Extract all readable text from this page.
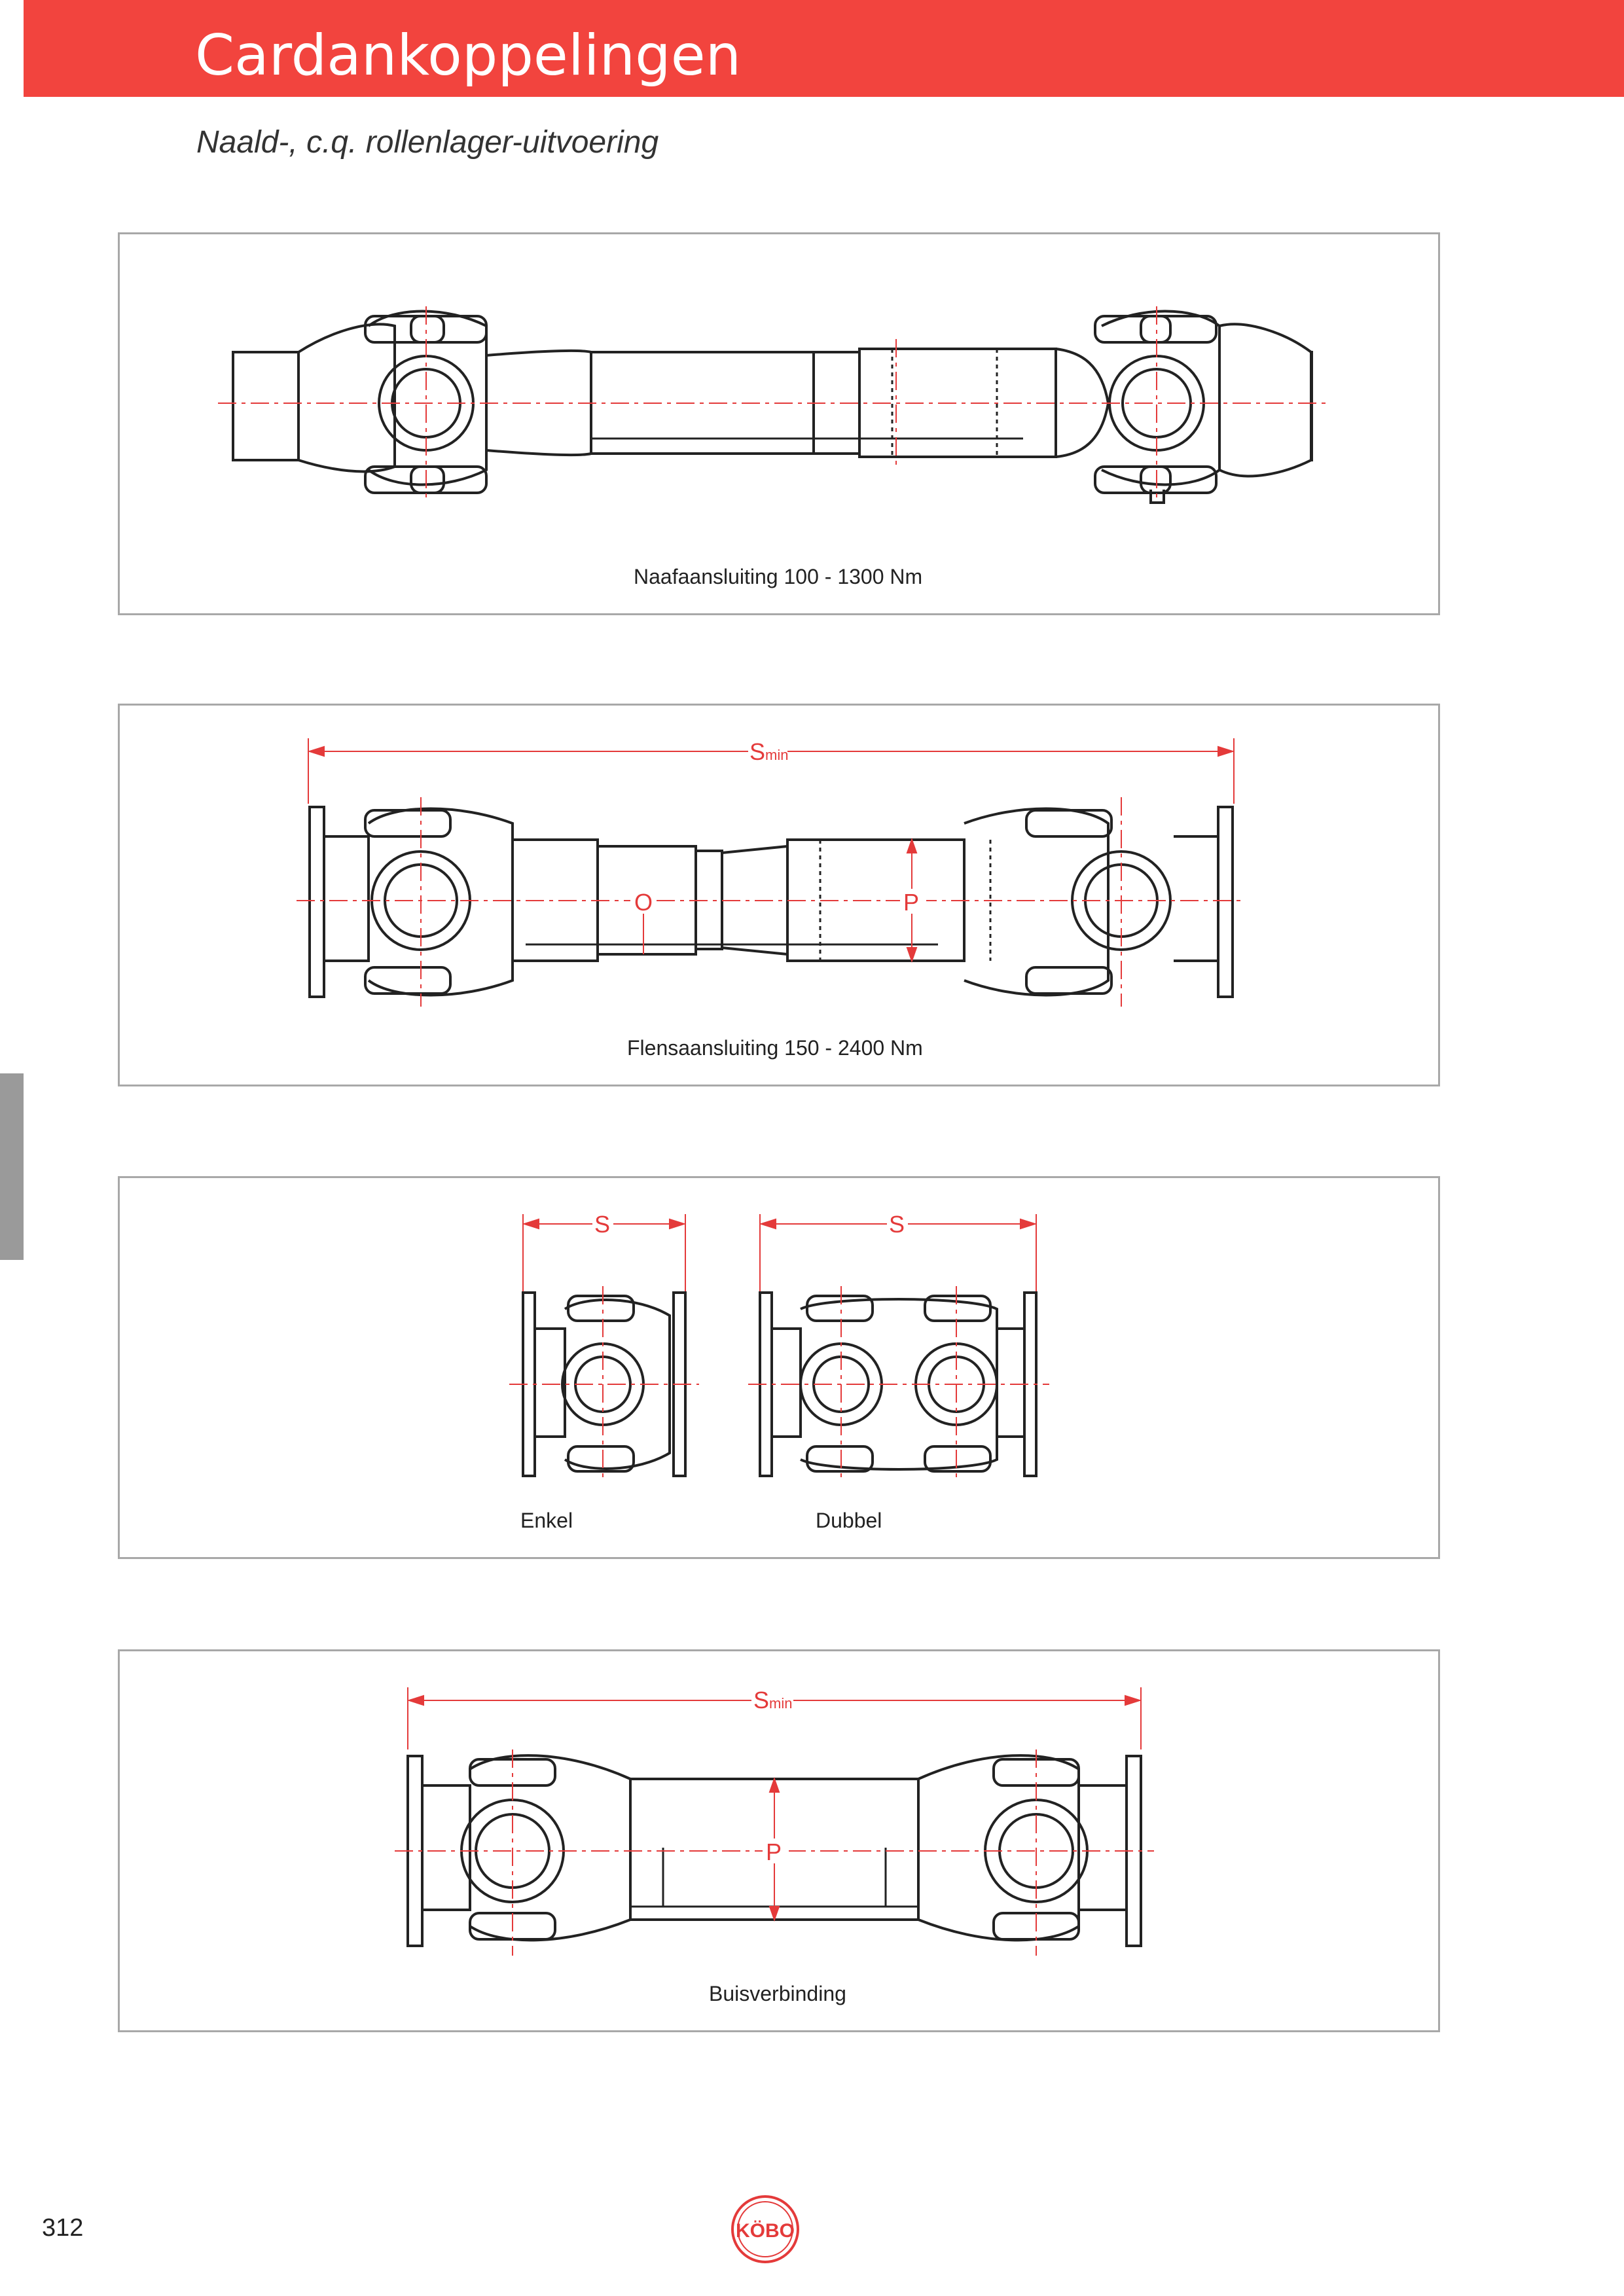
Cardankoppelingen
Naald-, c.q. rollenlager-uitvoering
Naafaansluiting 100 - 1300 Nm
Smin
O	P
Flensaansluiting 150 - 2400 Nm
S	S
Enkel	Dubbel
Smin
P
Buisverbinding
312	KÖBO
